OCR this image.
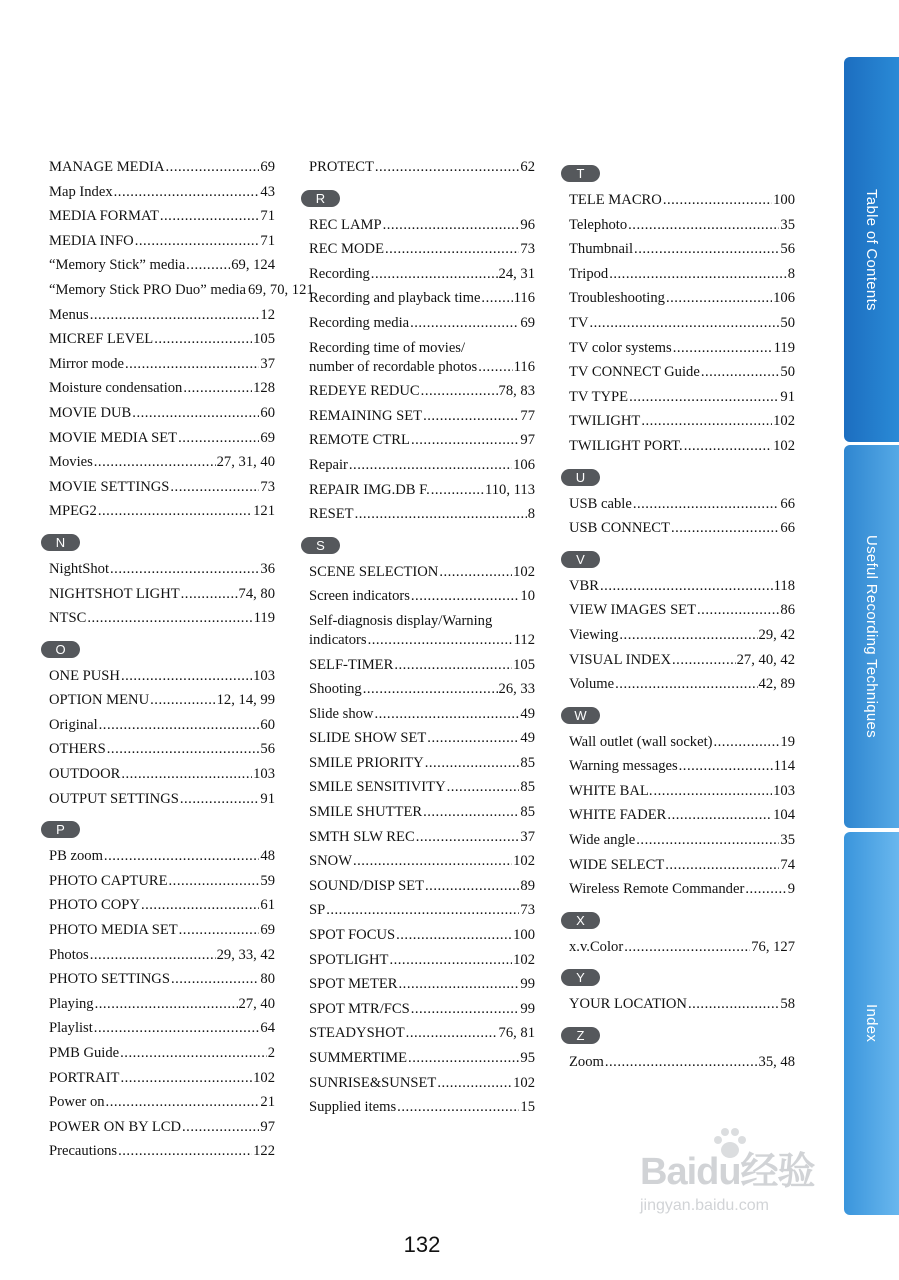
MANAGE MEDIA .....	69
Map Index .....	43
MEDIA FORMAT .....	71
MEDIA INFO .....	71
“Memory Stick” media .....	69, 124
“Memory Stick PRO Duo” media 69, 70, 121
Menus .....	12
MICREF LEVEL .....	105
Mirror mode .....	37
Moisture condensation .....	128
MOVIE DUB .....	60
MOVIE MEDIA SET .....	69
Movies .....	27, 31, 40
MOVIE SETTINGS .....	73
MPEG2 .....	121
N
NightShot .....	36
NIGHTSHOT LIGHT .....	74, 80
NTSC .....	119
O
ONE PUSH .....	103
OPTION MENU .....	12, 14, 99
Original .....	60
OTHERS .....	56
OUTDOOR .....	103
OUTPUT SETTINGS .....	91
P
PB zoom .....	48
PHOTO CAPTURE .....	59
PHOTO COPY .....	61
PHOTO MEDIA SET .....	69
Photos .....	29, 33, 42
PHOTO SETTINGS .....	80
Playing .....	27, 40
Playlist .....	64
PMB Guide .....	2
PORTRAIT .....	102
Power on .....	21
POWER ON BY LCD .....	97
Precautions .....	122
PROTECT .....	62
R
REC LAMP .....	96
REC MODE .....	73
Recording .....	24, 31
Recording and playback time ..... 116
Recording media .....	69
Recording time of movies/
number of recordable photos ..... 116
REDEYE REDUC .....	78, 83
REMAINING SET .....	77
REMOTE CTRL .....	97
Repair .....	106
REPAIR IMG.DB F. .....	110, 113
RESET .....	8
S
SCENE SELECTION .....	102
Screen indicators .....	10
Self-diagnosis display/Warning
indicators .....	112
SELF-TIMER .....	105
Shooting .....	26, 33
Slide show .....	49
SLIDE SHOW SET .....	49
SMILE PRIORITY .....	85
SMILE SENSITIVITY .....	85
SMILE SHUTTER .....	85
SMTH SLW REC .....	37
SNOW .....	102
SOUND/DISP SET .....	89
SP .....	73
SPOT FOCUS .....	100
SPOTLIGHT .....	102
SPOT METER .....	99
SPOT MTR/FCS .....	99
STEADYSHOT .....	76, 81
SUMMERTIME .....	95
SUNRISE&SUNSET .....	102
Supplied items .....	15
T
TELE MACRO .....	100
Telephoto .....	35
Thumbnail .....	56
Tripod .....	8
Troubleshooting .....	106
TV .....	50
TV color systems .....	119
TV CONNECT Guide .....	50
TV TYPE .....	91
TWILIGHT .....	102
TWILIGHT PORT. .....	102
U
USB cable .....	66
USB CONNECT .....	66
V
VBR .....	118
VIEW IMAGES SET .....	86
Viewing .....	29, 42
VISUAL INDEX .....	27, 40, 42
Volume .....	42, 89
W
Wall outlet (wall socket) .....	19
Warning messages .....	114
WHITE BAL. .....	103
WHITE FADER .....	104
Wide angle .....	35
WIDE SELECT .....	74
Wireless Remote Commander .....	9
X
x.v.Color .....	76, 127
Y
YOUR LOCATION .....	58
Z
Zoom .....	35, 48
Table of Contents
Useful Recording Techniques
Index
132
Baidu经验
jingyan.baidu.com
